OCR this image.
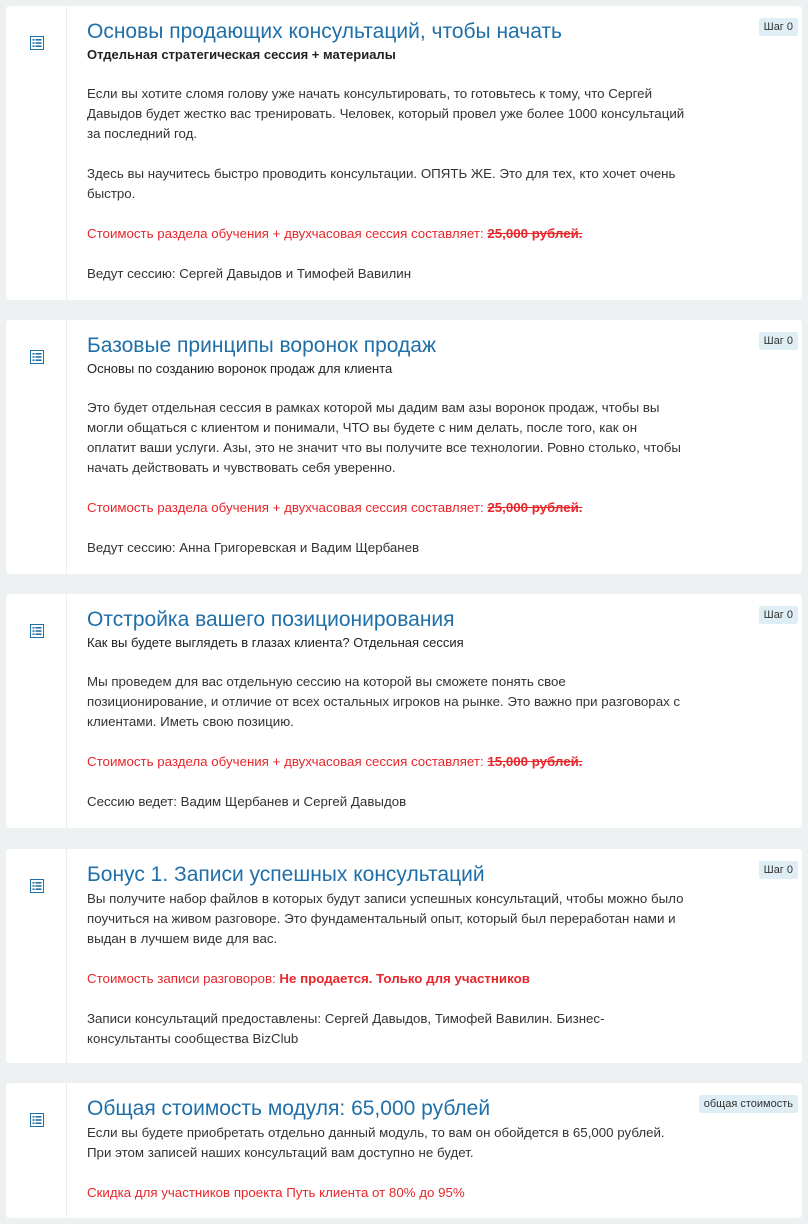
Основы продающих консультаций, чтобы начать
Отдельная стратегическая сессия + материалы

Если вы хотите сломя голову уже начать консультировать, то готовьтесь к тому, что Сергей Давыдов будет жестко вас тренировать. Человек, который провел уже более 1000 консультаций за последний год.

Здесь вы научитесь быстро проводить консультации. ОПЯТЬ ЖЕ. Это для тех, кто хочет очень быстро.

Стоимость раздела обучения + двухчасовая сессия составляет: 25,000 рублей.

Ведут сессию: Сергей Давыдов и Тимофей Вавилин

Шаг 0
Базовые принципы воронок продаж
Основы по созданию воронок продаж для клиента

Это будет отдельная сессия в рамках которой мы дадим вам азы воронок продаж, чтобы вы могли общаться с клиентом и понимали, ЧТО вы будете с ним делать, после того, как он оплатит ваши услуги. Азы, это не значит что вы получите все технологии. Ровно столько, чтобы начать действовать и чувствовать себя уверенно.

Стоимость раздела обучения + двухчасовая сессия составляет: 25,000 рублей.

Ведут сессию: Анна Григоревская и Вадим Щербанев

Шаг 0
Отстройка вашего позиционирования
Как вы будете выглядеть в глазах клиента? Отдельная сессия

Мы проведем для вас отдельную сессию на которой вы сможете понять свое позиционирование, и отличие от всех остальных игроков на рынке. Это важно при разговорах с клиентами. Иметь свою позицию.

Стоимость раздела обучения + двухчасовая сессия составляет: 15,000 рублей.

Сессию ведет: Вадим Щербанев и Сергей Давыдов

Шаг 0
Бонус 1. Записи успешных консультаций

Вы получите набор файлов в которых будут записи успешных консультаций, чтобы можно было поучиться на живом разговоре. Это фундаментальный опыт, который был переработан нами и выдан в лучшем виде для вас.

Стоимость записи разговоров: Не продается. Только для участников

Записи консультаций предоставлены: Сергей Давыдов, Тимофей Вавилин. Бизнес-консультанты сообщества BizClub

Шаг 0
Общая стоимость модуля: 65,000 рублей

Если вы будете приобретать отдельно данный модуль, то вам он обойдется в 65,000 рублей. При этом записей наших консультаций вам доступно не будет.

Скидка для участников проекта Путь клиента от 80% до 95%

общая стоимость
